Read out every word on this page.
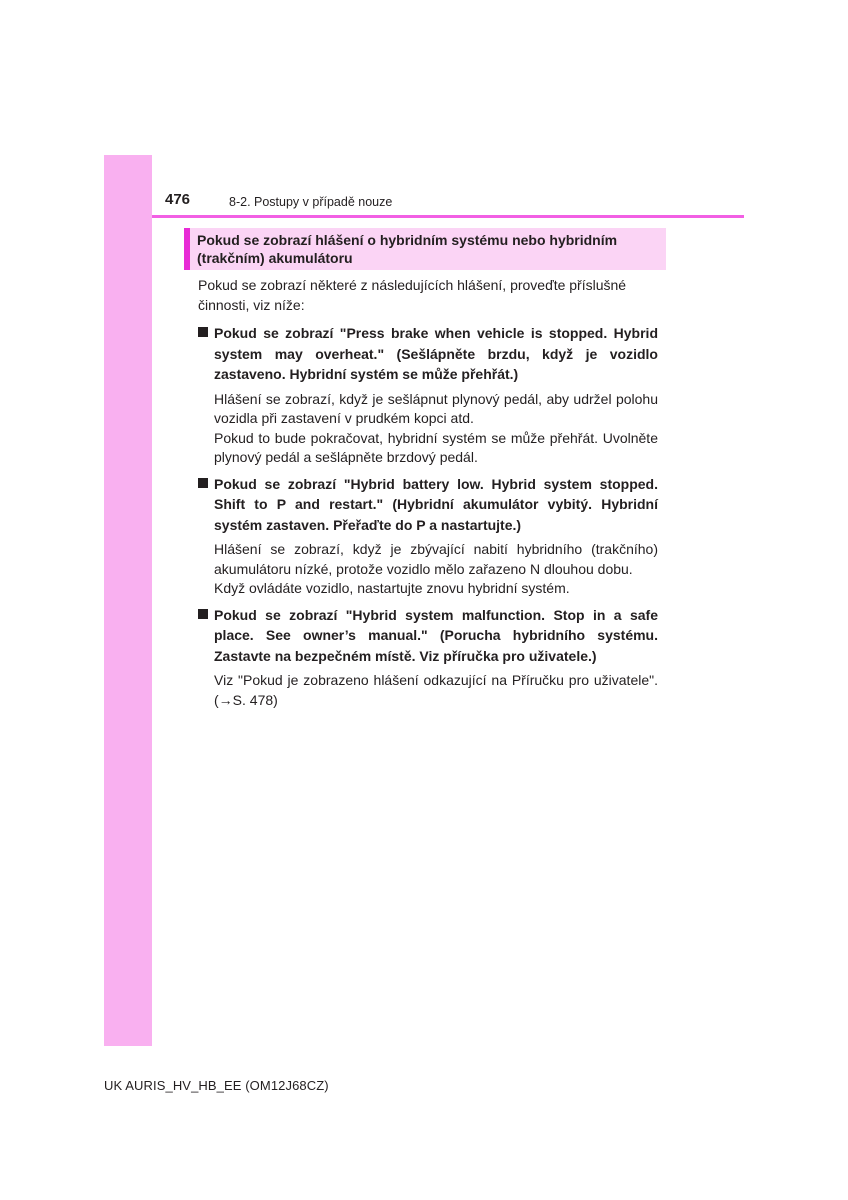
476	8-2. Postupy v případě nouze
Pokud se zobrazí hlášení o hybridním systému nebo hybridním (trakčním) akumulátoru

Pokud se zobrazí některé z následujících hlášení, proveďte příslušné činnosti, viz níže:

Pokud se zobrazí "Press brake when vehicle is stopped. Hybrid system may overheat." (Sešlápněte brzdu, když je vozidlo zastaveno. Hybridní systém se může přehřát.)

Hlášení se zobrazí, když je sešlápnut plynový pedál, aby udržel polohu vozidla při zastavení v prudkém kopci atd.

Pokud to bude pokračovat, hybridní systém se může přehřát. Uvolněte plynový pedál a sešlápněte brzdový pedál.

Pokud se zobrazí "Hybrid battery low. Hybrid system stopped. Shift to P and restart." (Hybridní akumulátor vybitý. Hybridní systém zastaven. Přeřaďte do P a nastartujte.)

Hlášení se zobrazí, když je zbývající nabití hybridního (trakčního) akumulátoru nízké, protože vozidlo mělo zařazeno N dlouhou dobu.

Když ovládáte vozidlo, nastartujte znovu hybridní systém.

Pokud se zobrazí "Hybrid system malfunction. Stop in a safe place. See owner’s manual." (Porucha hybridního systému. Zastavte na bezpečném místě. Viz příručka pro uživatele.)

Viz "Pokud je zobrazeno hlášení odkazující na Příručku pro uživatele". (→S. 478)

UK AURIS_HV_HB_EE (OM12J68CZ)
